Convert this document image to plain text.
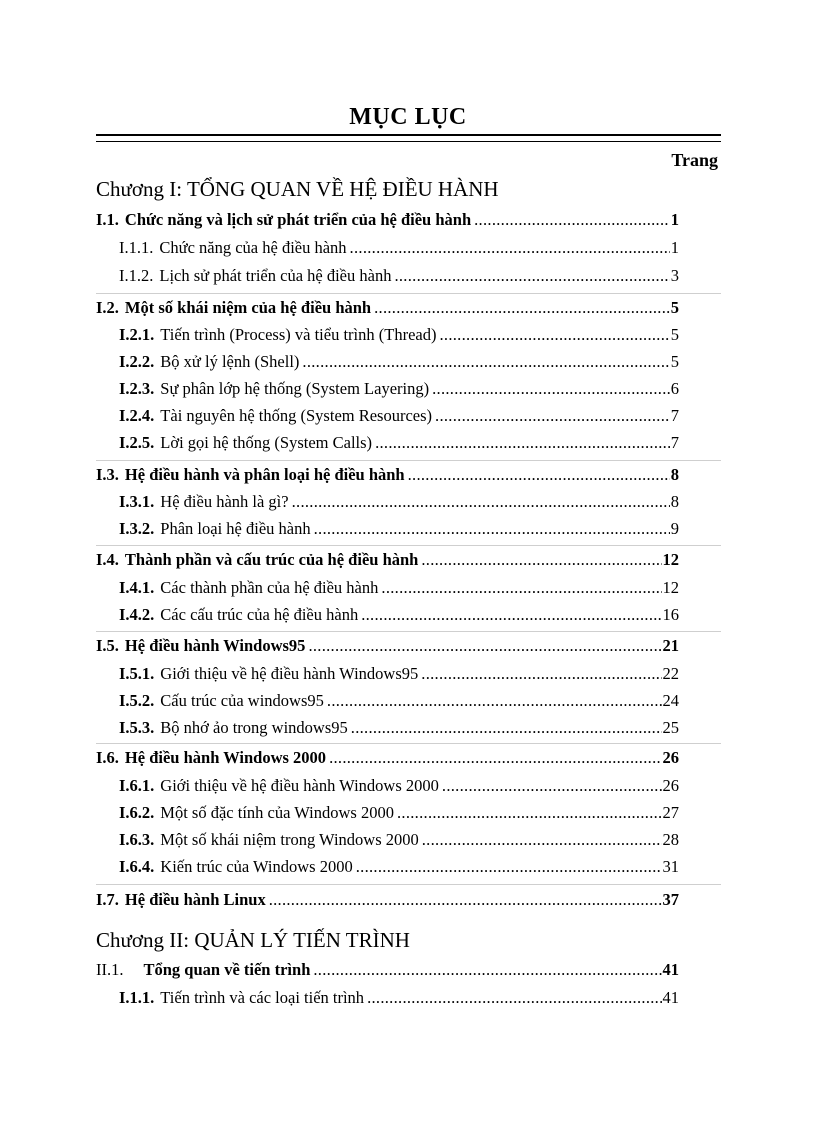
MỤC LỤC
Trang
Chương I: TỔNG QUAN VỀ HỆ ĐIỀU HÀNH
I.1. Chức năng và lịch sử phát triển của hệ điều hành .....	1
I.1.1. Chức năng của hệ điều hành .....	1
I.1.2. Lịch sử phát triển của hệ điều hành .....	3
I.2. Một số khái niệm của hệ điều hành .....	5
I.2.1. Tiến trình (Process) và tiểu trình (Thread) .....	5
I.2.2. Bộ xử lý lệnh (Shell) .....	5
I.2.3. Sự phân lớp hệ thống (System Layering) .....	6
I.2.4. Tài nguyên hệ thống (System Resources) .....	7
I.2.5. Lời gọi hệ thống (System Calls) .....	7
I.3. Hệ điều hành và phân loại hệ điều hành .....	8
I.3.1. Hệ điều hành là gì? .....	8
I.3.2. Phân loại hệ điều hành .....	9
I.4. Thành phần và cấu trúc của hệ điều hành .....	12
I.4.1. Các thành phần của hệ điều hành .....	12
I.4.2. Các cấu trúc của hệ điều hành .....	16
I.5. Hệ điều hành Windows95 .....	21
I.5.1. Giới thiệu về hệ điều hành Windows95 .....	22
I.5.2. Cấu trúc của windows95 .....	24
I.5.3. Bộ nhớ ảo trong windows95 .....	25
I.6. Hệ điều hành Windows 2000 .....	26
I.6.1. Giới thiệu về hệ điều hành Windows 2000 .....	26
I.6.2. Một số đặc tính của Windows 2000 .....	27
I.6.3. Một số khái niệm trong Windows 2000 .....	28
I.6.4. Kiến trúc của Windows 2000 .....	31
I.7. Hệ điều hành Linux .....	37
Chương II: QUẢN LÝ TIẾN TRÌNH
II.1. Tổng quan về tiến trình .....	41
I.1.1. Tiến trình và các loại tiến trình .....	41
